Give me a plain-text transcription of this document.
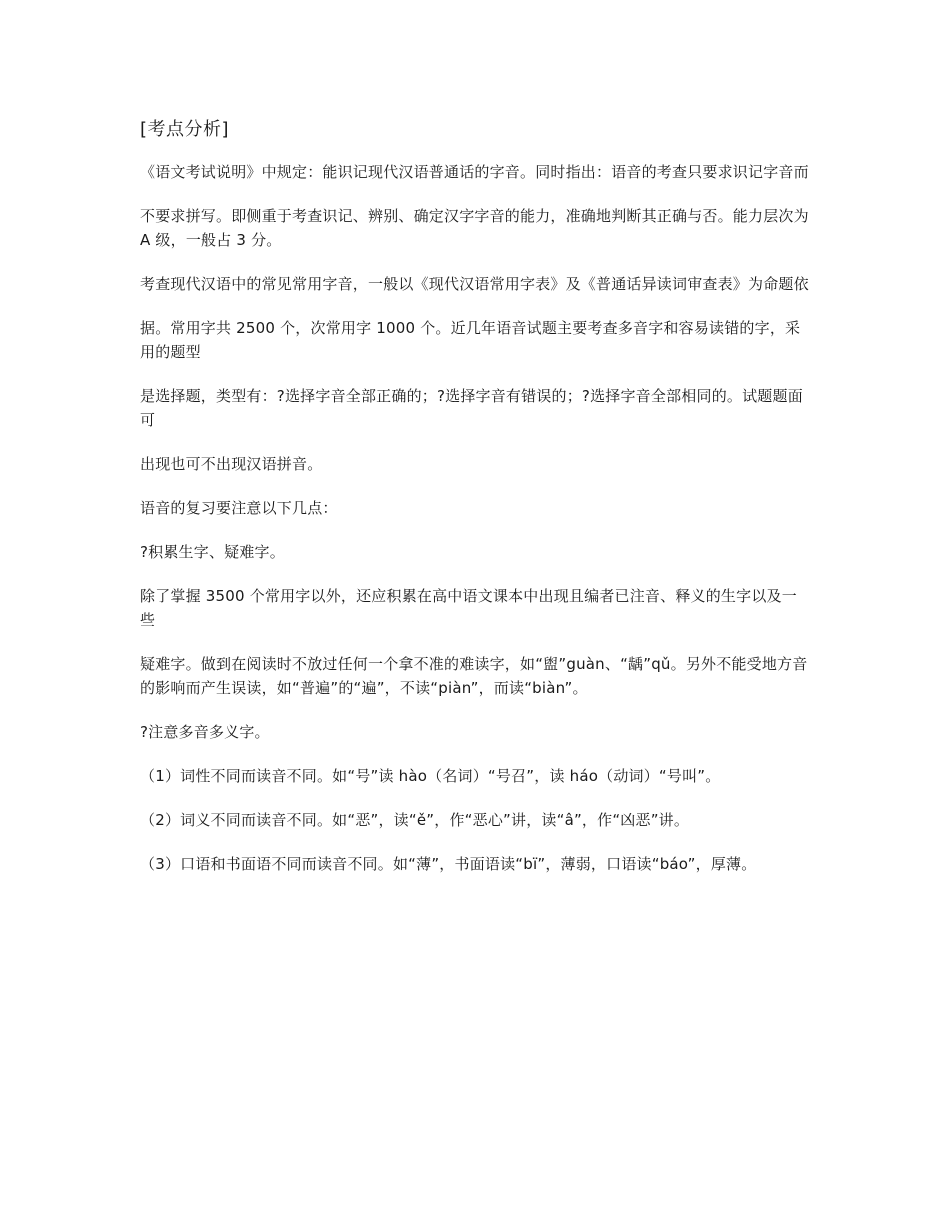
[考点分析]

《语文考试说明》中规定：能识记现代汉语普通话的字音。同时指出：语音的考查只要求识记字音而

不要求拼写。即侧重于考查识记、辨别、确定汉字字音的能力，准确地判断其正确与否。能力层次为 A 级，一般占 3 分。

考查现代汉语中的常见常用字音，一般以《现代汉语常用字表》及《普通话异读词审查表》为命题依

据。常用字共 2500 个，次常用字 1000 个。近几年语音试题主要考查多音字和容易读错的字，采用的题型

是选择题，类型有：?选择字音全部正确的；?选择字音有错误的；?选择字音全部相同的。试题题面可

出现也可不出现汉语拼音。

语音的复习要注意以下几点：

?积累生字、疑难字。

除了掌握 3500 个常用字以外，还应积累在高中语文课本中出现且编者已注音、释义的生字以及一些

疑难字。做到在阅读时不放过任何一个拿不准的难读字，如“盥”guàn、“龋”qǔ。另外不能受地方音的影响而产生误读，如“普遍”的“遍”，不读“piàn”，而读“biàn”。

?注意多音多义字。

（1）词性不同而读音不同。如“号”读 hào（名词）“号召”，读 háo（动词）“号叫”。

（2）词义不同而读音不同。如“恶”，读“ě”，作“恶心”讲，读“â”，作“凶恶”讲。

（3）口语和书面语不同而读音不同。如“薄”，书面语读“bï”，薄弱，口语读“báo”，厚薄。
